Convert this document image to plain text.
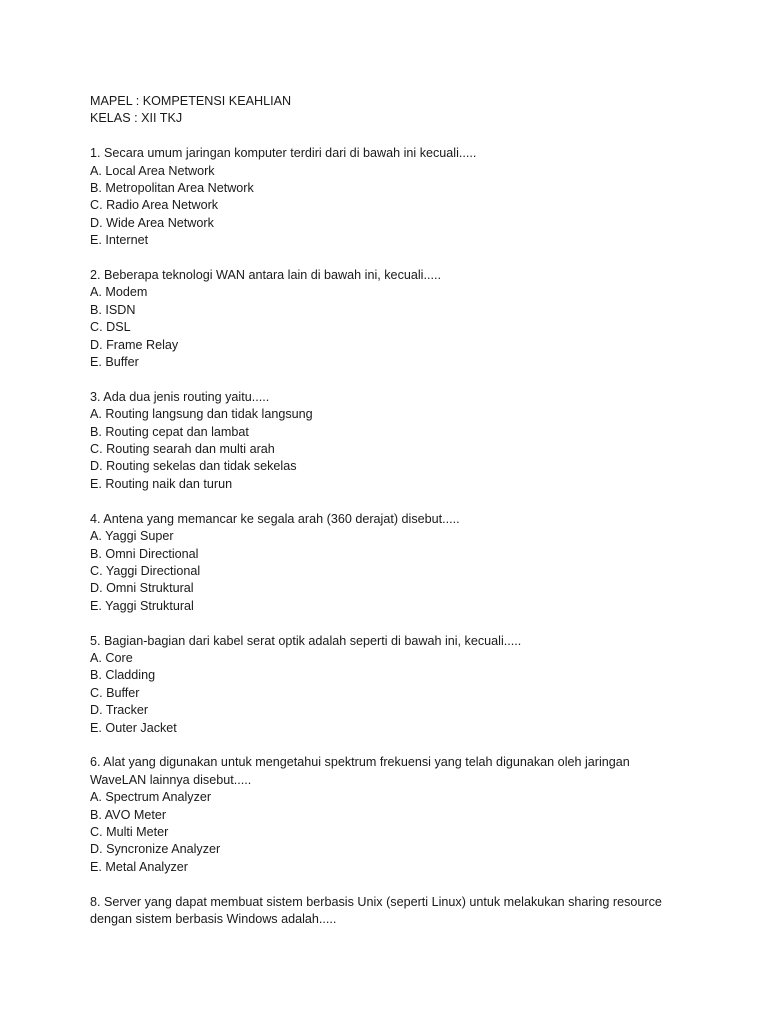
MAPEL : KOMPETENSI KEAHLIAN

KELAS : XII TKJ

1. Secara umum jaringan komputer terdiri dari di bawah ini kecuali.....

A. Local Area Network

B. Metropolitan Area Network

C. Radio Area Network

D. Wide Area Network

E. Internet

2. Beberapa teknologi WAN antara lain di bawah ini, kecuali.....

A. Modem

B. ISDN

C. DSL

D. Frame Relay

E. Buffer

3. Ada dua jenis routing yaitu.....

A. Routing langsung dan tidak langsung

B. Routing cepat dan lambat

C. Routing searah dan multi arah

D. Routing sekelas dan tidak sekelas

E. Routing naik dan turun

4. Antena yang memancar ke segala arah (360 derajat) disebut.....

A. Yaggi Super

B. Omni Directional

C. Yaggi Directional

D. Omni Struktural

E. Yaggi Struktural

5. Bagian-bagian dari kabel serat optik adalah seperti di bawah ini, kecuali.....

A. Core

B. Cladding

C. Buffer

D. Tracker

E. Outer Jacket

6. Alat yang digunakan untuk mengetahui spektrum frekuensi yang telah digunakan oleh jaringan WaveLAN lainnya disebut.....

A. Spectrum Analyzer

B. AVO Meter

C. Multi Meter

D. Syncronize Analyzer

E. Metal Analyzer

8. Server yang dapat membuat sistem berbasis Unix (seperti Linux) untuk melakukan sharing resource dengan sistem berbasis Windows adalah.....
